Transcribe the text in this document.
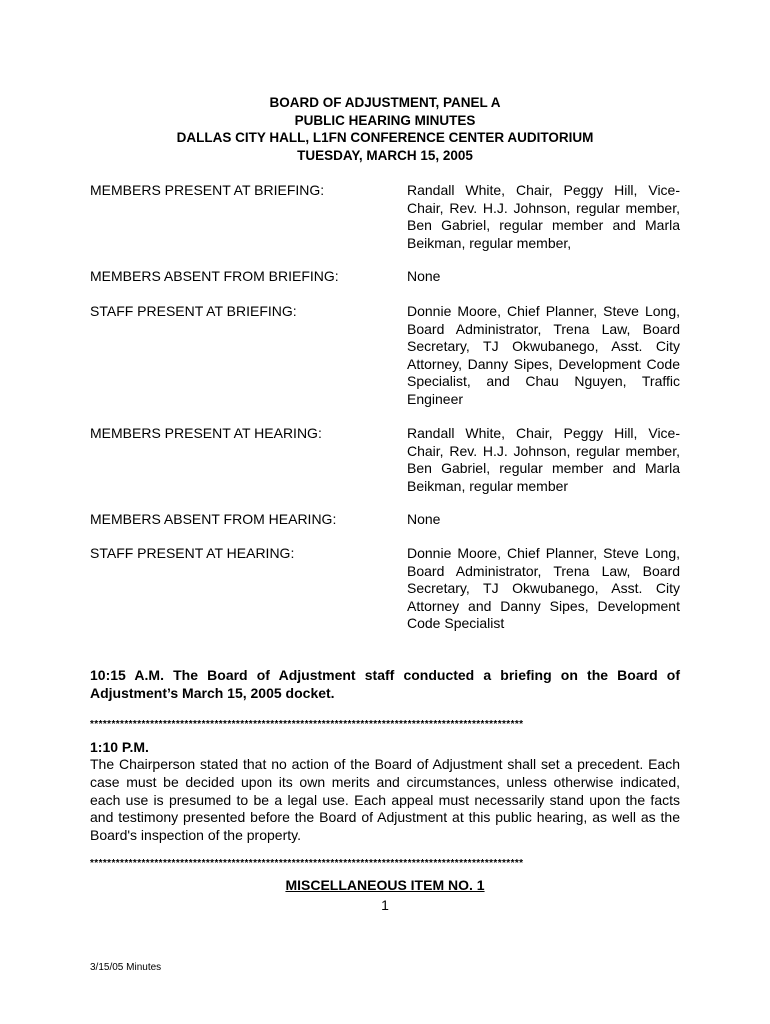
BOARD OF ADJUSTMENT, PANEL A
PUBLIC HEARING MINUTES
DALLAS CITY HALL, L1FN CONFERENCE CENTER AUDITORIUM
TUESDAY, MARCH 15, 2005
MEMBERS PRESENT AT BRIEFING:	Randall White, Chair, Peggy Hill, Vice-Chair, Rev. H.J. Johnson, regular member, Ben Gabriel, regular member and Marla Beikman, regular member,
MEMBERS ABSENT FROM BRIEFING:	None
STAFF PRESENT AT BRIEFING:	Donnie Moore, Chief Planner, Steve Long, Board Administrator, Trena Law, Board Secretary, TJ Okwubanego, Asst. City Attorney, Danny Sipes, Development Code Specialist, and Chau Nguyen, Traffic Engineer
MEMBERS PRESENT AT HEARING:	Randall White, Chair, Peggy Hill, Vice-Chair, Rev. H.J. Johnson, regular member, Ben Gabriel, regular member and Marla Beikman, regular member
MEMBERS ABSENT FROM HEARING:	None
STAFF PRESENT AT HEARING:	Donnie Moore, Chief Planner, Steve Long, Board Administrator, Trena Law, Board Secretary, TJ Okwubanego, Asst. City Attorney and Danny Sipes, Development Code Specialist
10:15 A.M. The Board of Adjustment staff conducted a briefing on the Board of Adjustment’s March 15, 2005 docket.
*****************************************************************************************************
1:10 P.M.
The Chairperson stated that no action of the Board of Adjustment shall set a precedent. Each case must be decided upon its own merits and circumstances, unless otherwise indicated, each use is presumed to be a legal use. Each appeal must necessarily stand upon the facts and testimony presented before the Board of Adjustment at this public hearing, as well as the Board's inspection of the property.
*****************************************************************************************************
MISCELLANEOUS ITEM NO. 1
1
3/15/05 Minutes
